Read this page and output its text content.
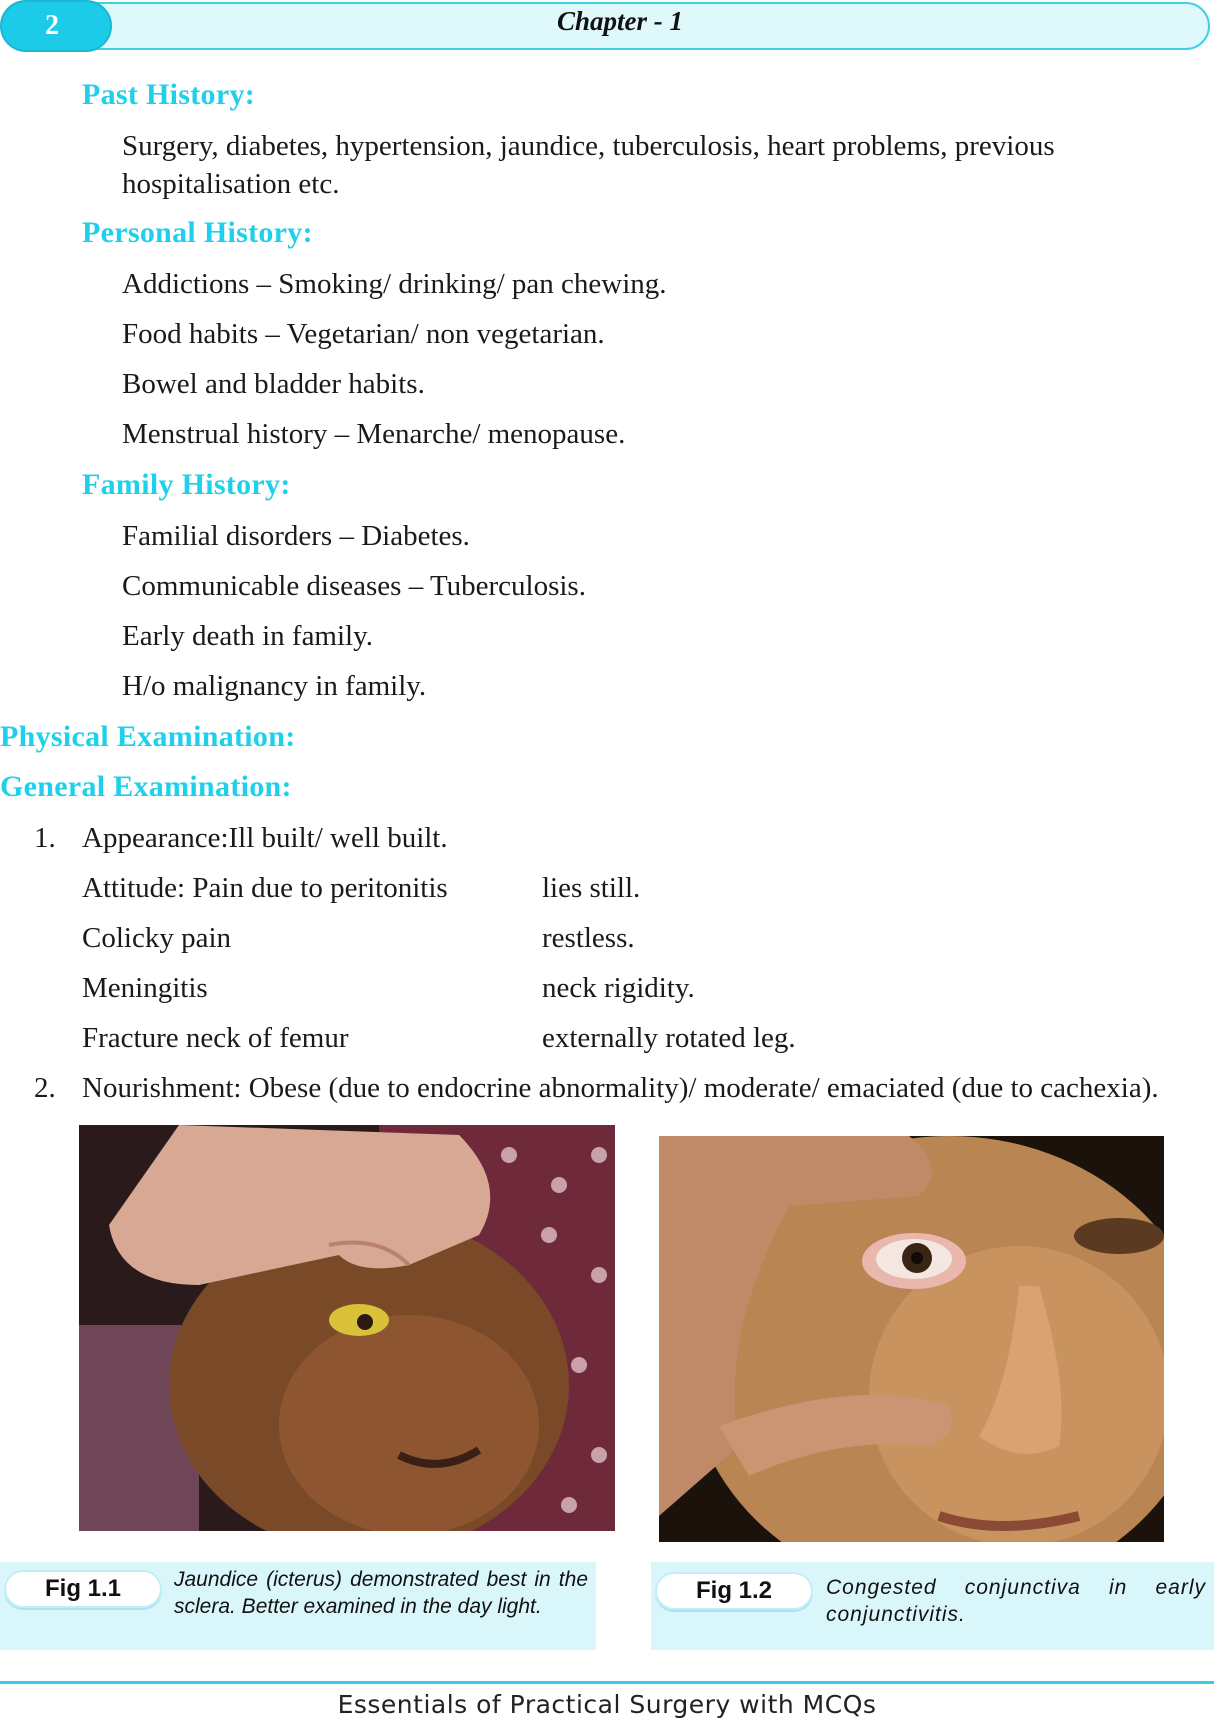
2	Chapter - 1
Past History:
Surgery, diabetes, hypertension, jaundice, tuberculosis, heart problems, previous
hospitalisation etc.
Personal History:
Addictions – Smoking/ drinking/ pan chewing.
Food habits – Vegetarian/ non vegetarian.
Bowel and bladder habits.
Menstrual history – Menarche/ menopause.
Family History:
Familial disorders – Diabetes.
Communicable diseases – Tuberculosis.
Early death in family.
H/o malignancy in family.
Physical Examination:
General Examination:
1. Appearance:Ill built/ well built.
Attitude: Pain due to peritonitis	lies still.
Colicky pain	restless.
Meningitis	neck rigidity.
Fracture neck of femur	externally rotated leg.
2. Nourishment: Obese (due to endocrine abnormality)/ moderate/ emaciated (due to cachexia).
Fig 1.1	Jaundice (icterus) demonstrated best in the sclera. Better examined in the day light.
Fig 1.2	Congested conjunctiva in early conjunctivitis.
Essentials of Practical Surgery with MCQs
